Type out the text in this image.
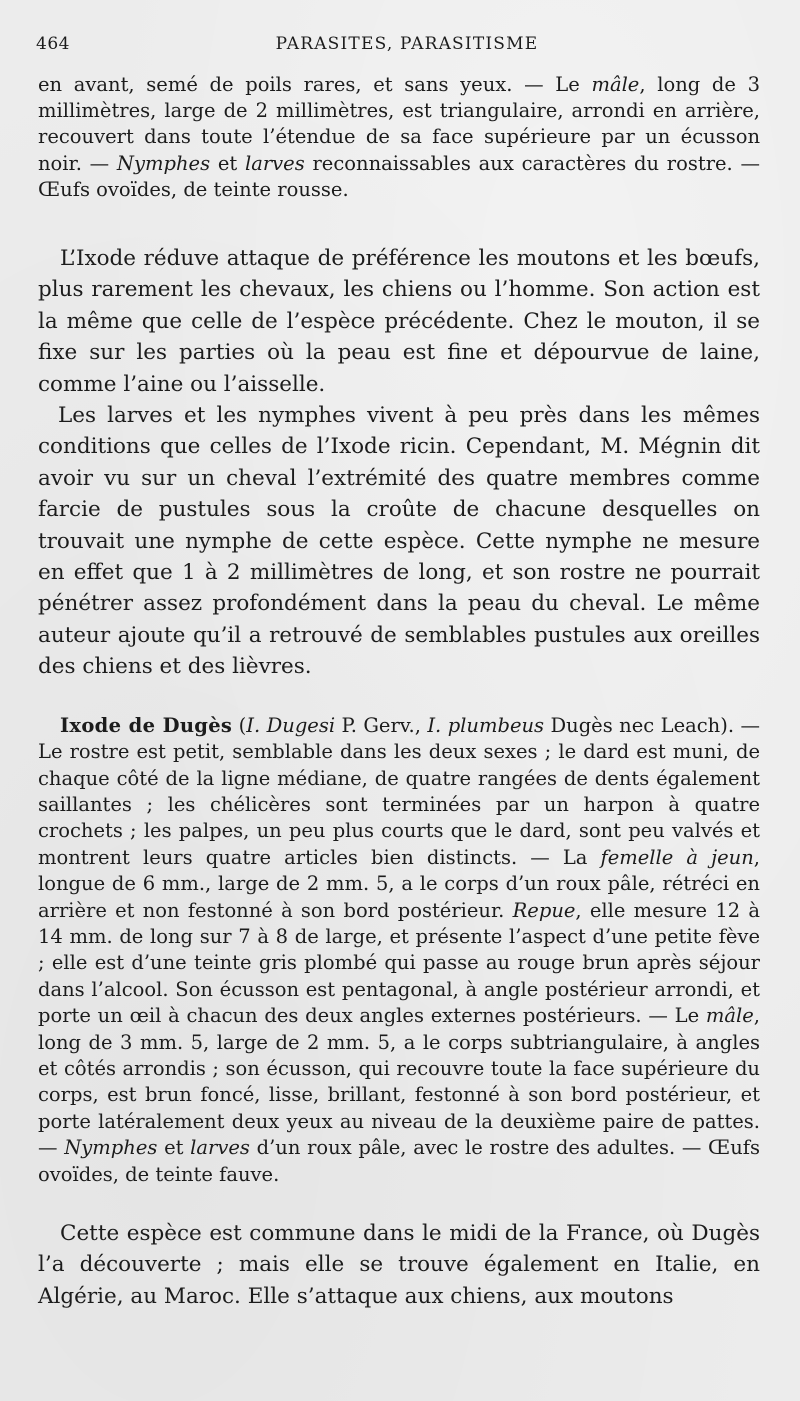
464	PARASITES, PARASITISME

en avant, semé de poils rares, et sans yeux. — Le mâle, long de 3 millimètres, large de 2 millimètres, est triangulaire, arrondi en arrière, recouvert dans toute l’étendue de sa face supérieure par un écusson noir. — Nymphes et larves reconnaissables aux caractères du rostre. — Œufs ovoïdes, de teinte rousse.

L’Ixode réduve attaque de préférence les moutons et les bœufs, plus rarement les chevaux, les chiens ou l’homme. Son action est la même que celle de l’espèce précédente. Chez le mouton, il se fixe sur les parties où la peau est fine et dépourvue de laine, comme l’aine ou l’aisselle.

Les larves et les nymphes vivent à peu près dans les mêmes conditions que celles de l’Ixode ricin. Cependant, M. Mégnin dit avoir vu sur un cheval l’extrémité des quatre membres comme farcie de pustules sous la croûte de chacune desquelles on trouvait une nymphe de cette espèce. Cette nymphe ne mesure en effet que 1 à 2 millimètres de long, et son rostre ne pourrait pénétrer assez profondément dans la peau du cheval. Le même auteur ajoute qu’il a retrouvé de semblables pustules aux oreilles des chiens et des lièvres.

Ixode de Dugès (I. Dugesi P. Gerv., I. plumbeus Dugès nec Leach). — Le rostre est petit, semblable dans les deux sexes ; le dard est muni, de chaque côté de la ligne médiane, de quatre rangées de dents également saillantes ; les chélicères sont terminées par un harpon à quatre crochets ; les palpes, un peu plus courts que le dard, sont peu valvés et montrent leurs quatre articles bien distincts. — La femelle à jeun, longue de 6 mm., large de 2 mm. 5, a le corps d’un roux pâle, rétréci en arrière et non festonné à son bord postérieur. Repue, elle mesure 12 à 14 mm. de long sur 7 à 8 de large, et présente l’aspect d’une petite fève ; elle est d’une teinte gris plombé qui passe au rouge brun après séjour dans l’alcool. Son écusson est pentagonal, à angle postérieur arrondi, et porte un œil à chacun des deux angles externes postérieurs. — Le mâle, long de 3 mm. 5, large de 2 mm. 5, a le corps subtriangulaire, à angles et côtés arrondis ; son écusson, qui recouvre toute la face supérieure du corps, est brun foncé, lisse, brillant, festonné à son bord postérieur, et porte latéralement deux yeux au niveau de la deuxième paire de pattes. — Nymphes et larves d’un roux pâle, avec le rostre des adultes. — Œufs ovoïdes, de teinte fauve.

Cette espèce est commune dans le midi de la France, où Dugès l’a découverte ; mais elle se trouve également en Italie, en Algérie, au Maroc. Elle s’attaque aux chiens, aux moutons
